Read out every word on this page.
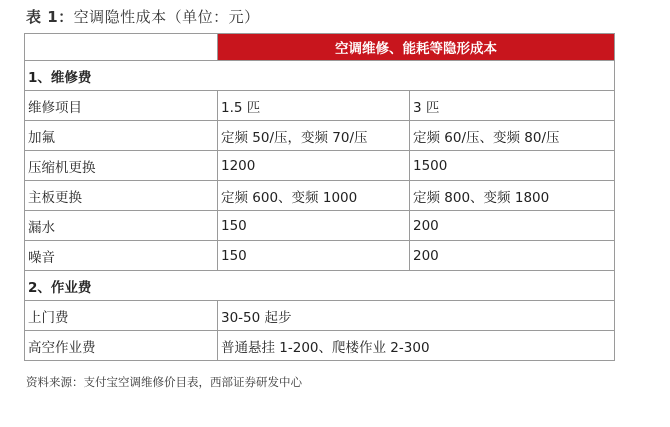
表 1：空调隐性成本（单位：元）
	空调维修、能耗等隐形成本	
1、维修费		
维修项目	1.5 匹	3 匹
加氟	定频 50/压，变频 70/压	定频 60/压、变频 80/压
压缩机更换	1200	1500
主板更换	定频 600、变频 1000	定频 800、变频 1800
漏水	150	200
噪音	150	200
2、作业费		
上门费	30-50 起步	
高空作业费	普通悬挂 1-200、爬楼作业 2-300	
资料来源：支付宝空调维修价目表，西部证券研发中心
